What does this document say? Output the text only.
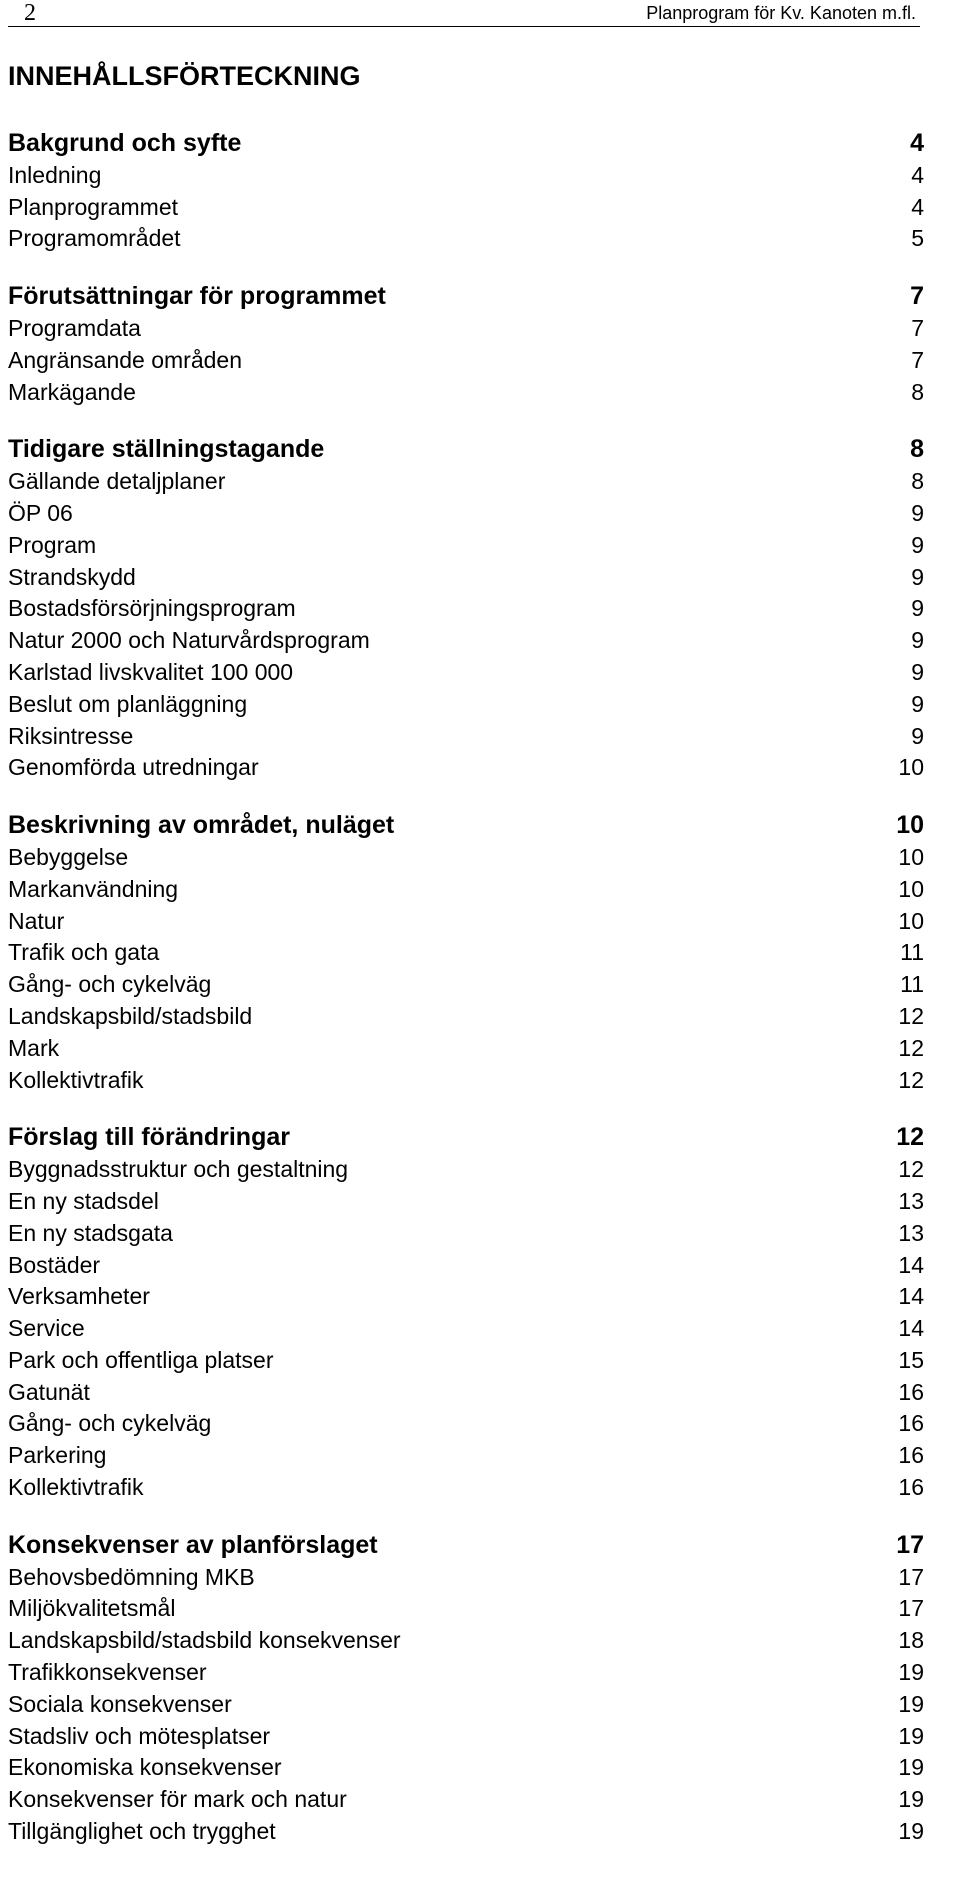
2	Planprogram för Kv. Kanoten m.fl.
INNEHÅLLSFÖRTECKNING
Bakgrund och syfte	4
Inledning	4
Planprogrammet	4
Programområdet	5
Förutsättningar för programmet	7
Programdata	7
Angränsande områden	7
Markägande	8
Tidigare ställningstagande	8
Gällande detaljplaner	8
ÖP 06	9
Program	9
Strandskydd	9
Bostadsförsörjningsprogram	9
Natur 2000 och Naturvårdsprogram	9
Karlstad livskvalitet 100 000	9
Beslut om planläggning	9
Riksintresse	9
Genomförda utredningar	10
Beskrivning av området, nuläget	10
Bebyggelse	10
Markanvändning	10
Natur	10
Trafik och gata	11
Gång- och cykelväg	11
Landskapsbild/stadsbild	12
Mark	12
Kollektivtrafik	12
Förslag till förändringar	12
Byggnadsstruktur och gestaltning	12
En ny stadsdel	13
En ny stadsgata	13
Bostäder	14
Verksamheter	14
Service	14
Park och offentliga platser	15
Gatunät	16
Gång- och cykelväg	16
Parkering	16
Kollektivtrafik	16
Konsekvenser av planförslaget	17
Behovsbedömning MKB	17
Miljökvalitetsmål	17
Landskapsbild/stadsbild konsekvenser	18
Trafikkonsekvenser	19
Sociala konsekvenser	19
Stadsliv och mötesplatser	19
Ekonomiska konsekvenser	19
Konsekvenser för mark och natur	19
Tillgänglighet och trygghet	19
